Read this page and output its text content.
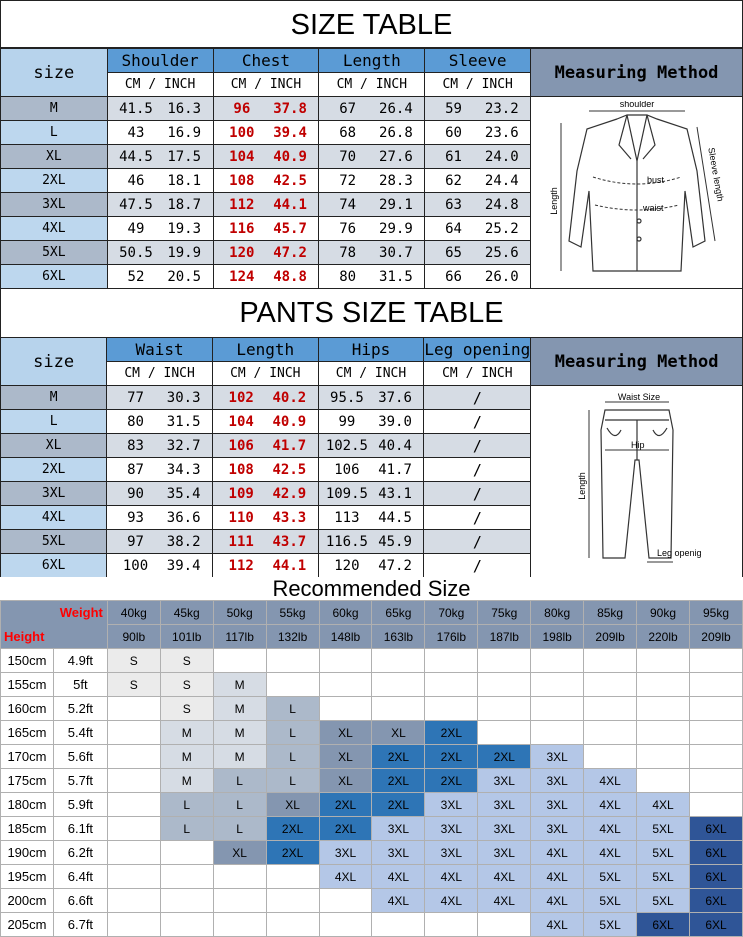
SIZE TABLE
size	Shoulder	Chest	Length	Sleeve	Measuring Method
	CM / INCH	CM / INCH	CM / INCH	CM / INCH	
M	41.5 16.3	96 37.8	67 26.4	59 23.2	shoulder
bust
waist
Length Sleeve length

L	43 16.9	100 39.4	68 26.8	60 23.6	
XL	44.5 17.5	104 40.9	70 27.6	61 24.0	
2XL	46 18.1	108 42.5	72 28.3	62 24.4	
3XL	47.5 18.7	112 44.1	74 29.1	63 24.8	
4XL	49 19.3	116 45.7	76 29.9	64 25.2	
5XL	50.5 19.9	120 47.2	78 30.7	65 25.6	
6XL	52 20.5	124 48.8	80 31.5	66 26.0	
PANTS SIZE TABLE
size	Waist	Length	Hips	Leg opening	Measuring Method
	CM / INCH	CM / INCH	CM / INCH	CM / INCH	
M	77 30.3	102 40.2	95.5 37.6	/	Waist Size
Hip
Length
Leg openig

L	80 31.5	104 40.9	99 39.0	/	
XL	83 32.7	106 41.7	102.5 40.4	/	
2XL	87 34.3	108 42.5	106 41.7	/	
3XL	90 35.4	109 42.9	109.5 43.1	/	
4XL	93 36.6	110 43.3	113 44.5	/	
5XL	97 38.2	111 43.7	116.5 45.9	/	
6XL	100 39.4	112 44.1	120 47.2	/	
Recommended Size
Weight
Height		40kg	45kg	50kg	55kg	60kg	65kg	70kg	75kg	80kg	85kg	90kg	95kg
		90lb	101lb	117lb	132lb	148lb	163lb	176lb	187lb	198lb	209lb	220lb	209lb
150cm	4.9ft	S	S										
155cm	5ft	S	S	M									
160cm	5.2ft		S	M	L								
165cm	5.4ft		M	M	L	XL	XL	2XL					
170cm	5.6ft		M	M	L	XL	2XL	2XL	2XL	3XL			
175cm	5.7ft		M	L	L	XL	2XL	2XL	3XL	3XL	4XL		
180cm	5.9ft		L	L	XL	2XL	2XL	3XL	3XL	3XL	4XL	4XL	
185cm	6.1ft		L	L	2XL	2XL	3XL	3XL	3XL	3XL	4XL	5XL	6XL
190cm	6.2ft			XL	2XL	3XL	3XL	3XL	3XL	4XL	4XL	5XL	6XL
195cm	6.4ft					4XL	4XL	4XL	4XL	4XL	5XL	5XL	6XL
200cm	6.6ft						4XL	4XL	4XL	4XL	5XL	5XL	6XL
205cm	6.7ft									4XL	5XL	6XL	6XL
